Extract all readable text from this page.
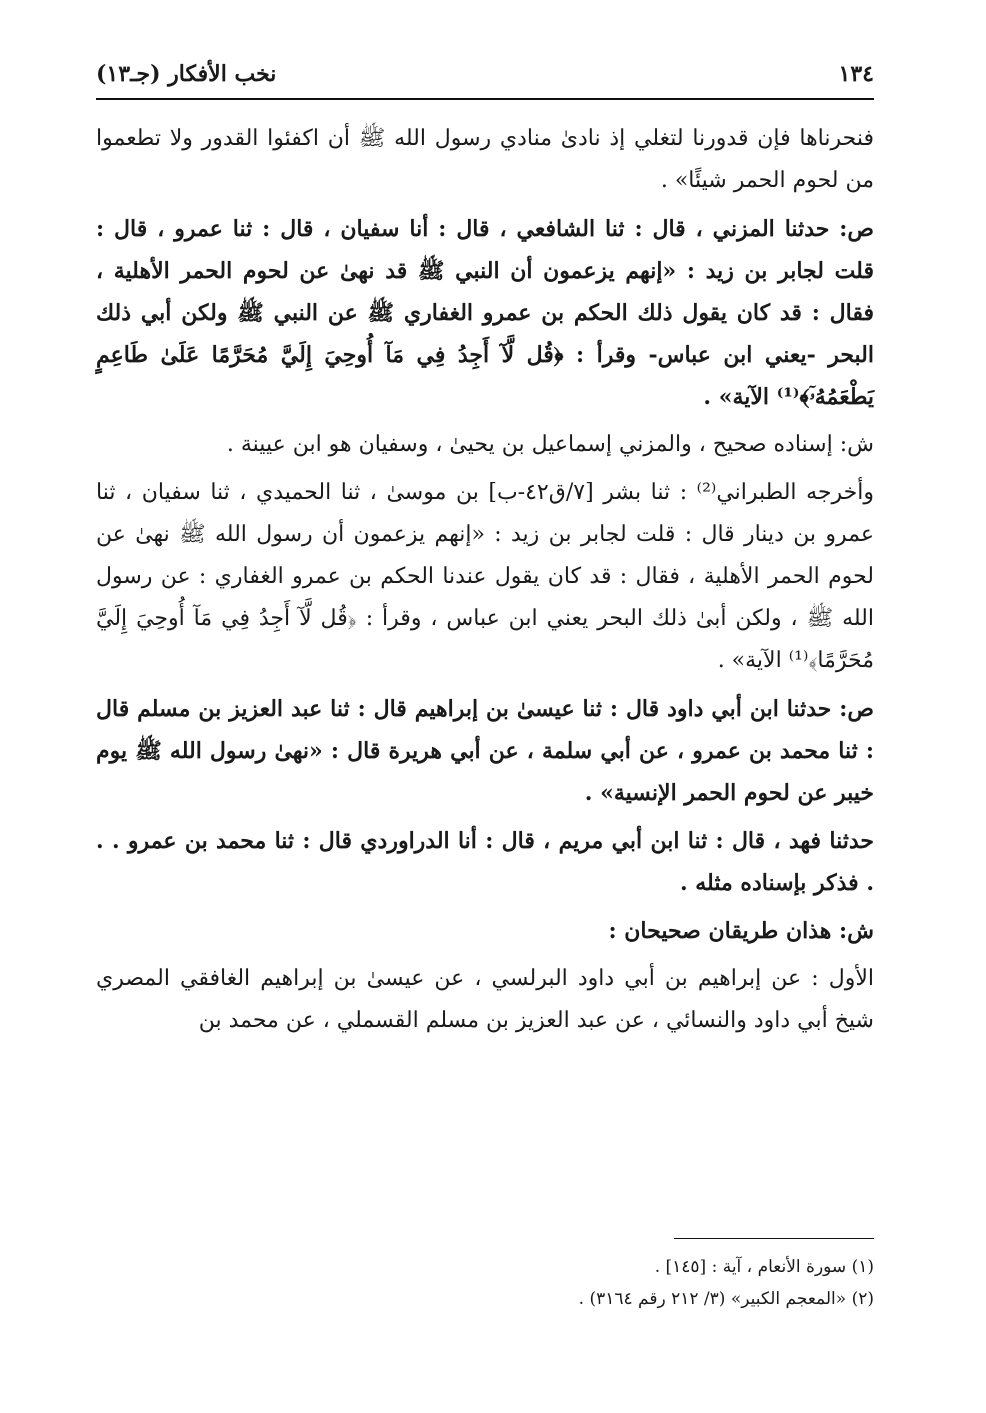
١٣٤
نخب الأفكار (جـ١٣)

فنحرناها فإن قدورنا لتغلي إذ نادىٰ منادي رسول الله ﷺ أن اكفئوا القدور ولا تطعموا من لحوم الحمر شيئًا» .

ص: حدثنا المزني ، قال : ثنا الشافعي ، قال : أنا سفيان ، قال : ثنا عمرو ، قال : قلت لجابر بن زيد : «إنهم يزعمون أن النبي ﷺ قد نهىٰ عن لحوم الحمر الأهلية ، فقال : قد كان يقول ذلك الحكم بن عمرو الغفاري ﷺ عن النبي ﷺ ولكن أبي ذلك البحر -يعني ابن عباس- وقرأ : ﴿قُل لَّآ أَجِدُ فِي مَآ أُوحِيَ إِلَيَّ مُحَرَّمًا عَلَىٰ طَاعِمٍ يَطْعَمُهُۥٓ﴾⁽¹⁾ الآية» .

ش: إسناده صحيح ، والمزني إسماعيل بن يحيىٰ ، وسفيان هو ابن عيينة .

وأخرجه الطبراني⁽²⁾ : ثنا بشر [٧/ق٤٢-ب] بن موسىٰ ، ثنا الحميدي ، ثنا سفيان ، ثنا عمرو بن دينار قال : قلت لجابر بن زيد : «إنهم يزعمون أن رسول الله ﷺ نهىٰ عن لحوم الحمر الأهلية ، فقال : قد كان يقول عندنا الحكم بن عمرو الغفاري : عن رسول الله ﷺ ، ولكن أبىٰ ذلك البحر يعني ابن عباس ، وقرأ : ﴿قُل لَّآ أَجِدُ فِي مَآ أُوحِيَ إِلَيَّ مُحَرَّمًا﴾⁽¹⁾ الآية» .

ص: حدثنا ابن أبي داود قال : ثنا عيسىٰ بن إبراهيم قال : ثنا عبد العزيز بن مسلم قال : ثنا محمد بن عمرو ، عن أبي سلمة ، عن أبي هريرة قال : «نهىٰ رسول الله ﷺ يوم خيبر عن لحوم الحمر الإنسية» .

حدثنا فهد ، قال : ثنا ابن أبي مريم ، قال : أنا الدراوردي قال : ثنا محمد بن عمرو . . . فذكر بإسناده مثله .

ش: هذان طريقان صحيحان :

الأول : عن إبراهيم بن أبي داود البرلسي ، عن عيسىٰ بن إبراهيم الغافقي المصري شيخ أبي داود والنسائي ، عن عبد العزيز بن مسلم القسملي ، عن محمد بن

(١) سورة الأنعام ، آية : [١٤٥] .

(٢) «المعجم الكبير» (٣/ ٢١٢ رقم ٣١٦٤) .
